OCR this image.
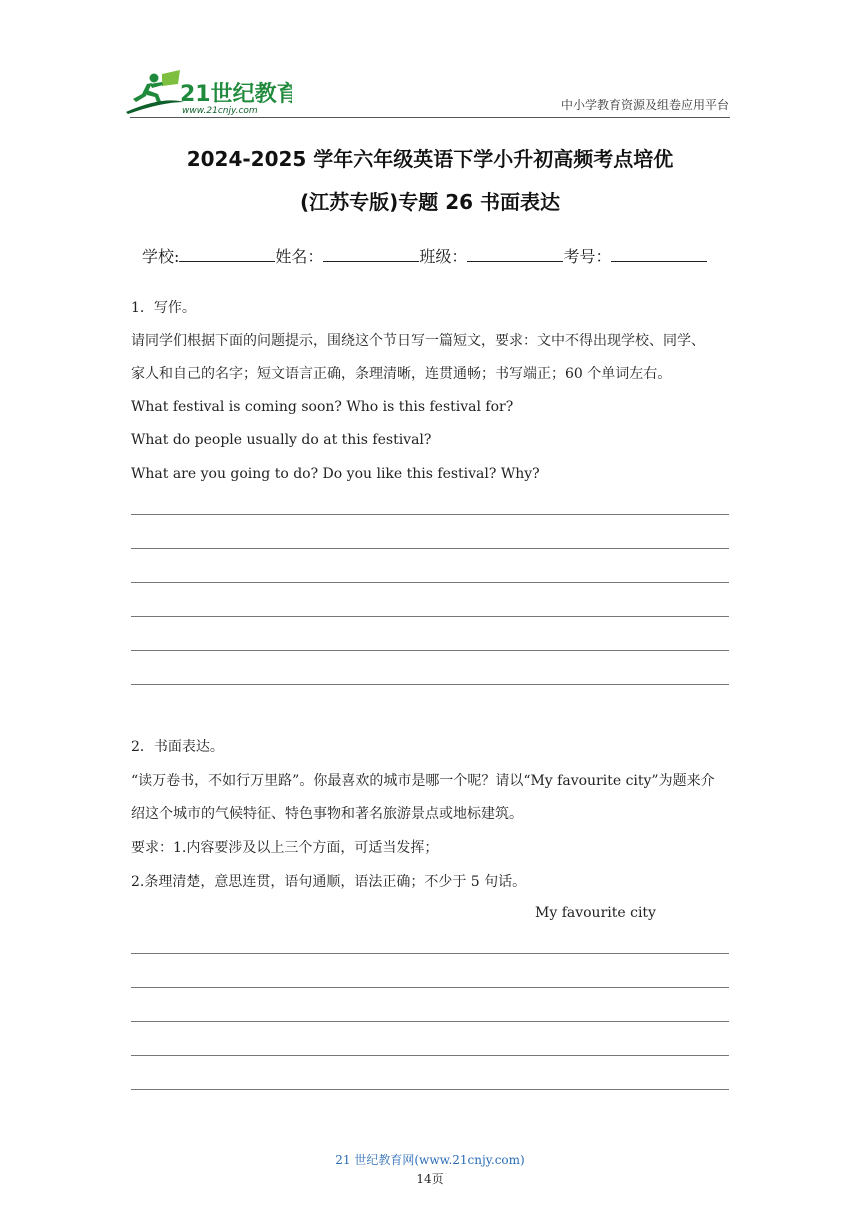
21世纪教育
www.21cnjy.com	中小学教育资源及组卷应用平台
2024-2025 学年六年级英语下学小升初高频考点培优
(江苏专版)专题 26 书面表达
学校:	姓名：	班级：	考号：
1．写作。
请同学们根据下面的问题提示，围绕这个节日写一篇短文，要求：文中不得出现学校、同学、
家人和自己的名字；短文语言正确，条理清晰，连贯通畅；书写端正；60 个单词左右。
What festival is coming soon? Who is this festival for?
What do people usually do at this festival?
What are you going to do? Do you like this festival? Why?
2．书面表达。
“读万卷书，不如行万里路”。你最喜欢的城市是哪一个呢？请以“My favourite city”为题来介
绍这个城市的气候特征、特色事物和著名旅游景点或地标建筑。
要求：1.内容要涉及以上三个方面，可适当发挥；
2.条理清楚，意思连贯，语句通顺，语法正确；不少于 5 句话。
My favourite city
21 世纪教育网(www.21cnjy.com)
14页
